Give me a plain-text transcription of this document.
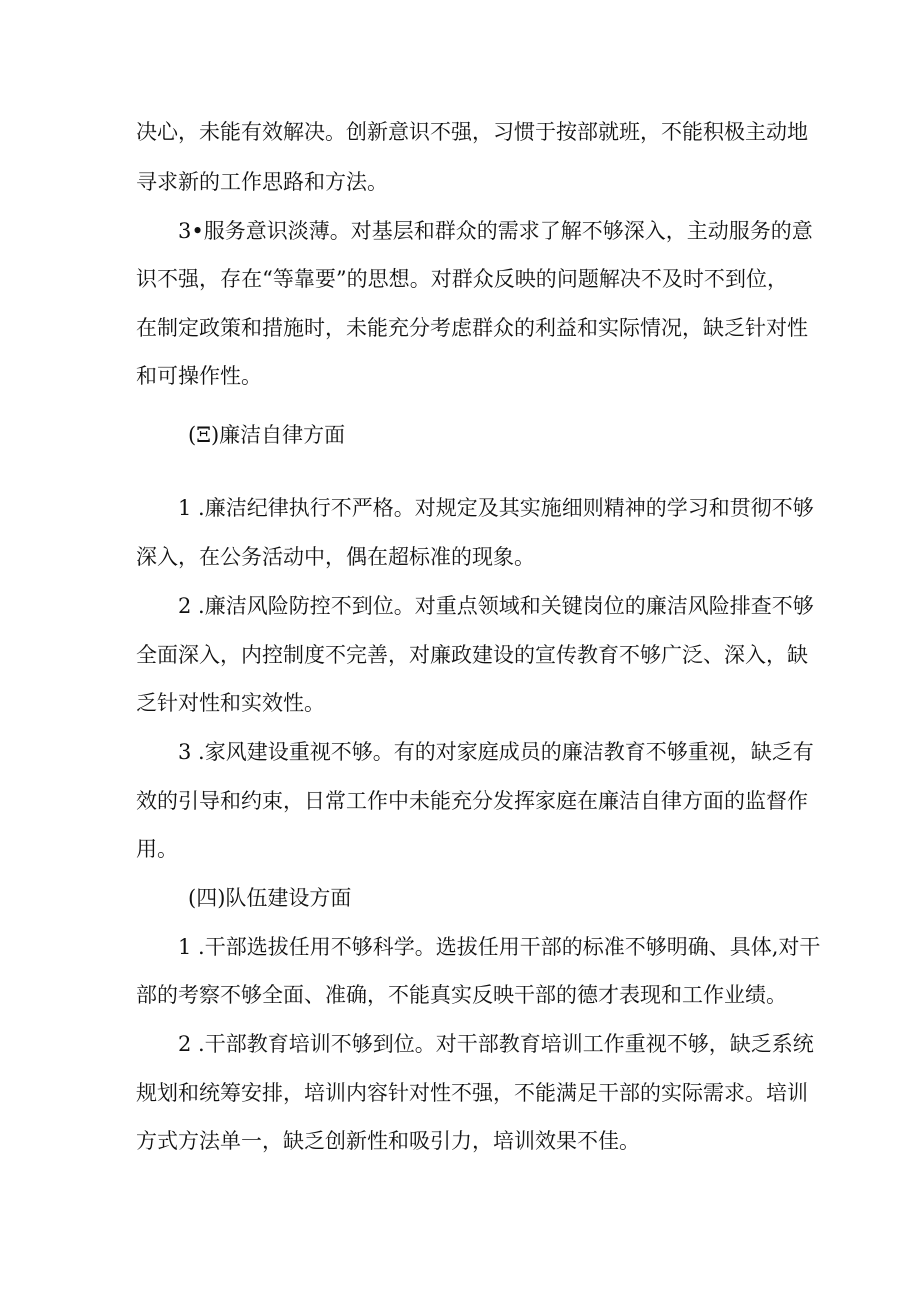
决心，未能有效解决。创新意识不强，习惯于按部就班，不能积极主动地
寻求新的工作思路和方法。
3•服务意识淡薄。对基层和群众的需求了解不够深入，主动服务的意
识不强，存在“等靠要”的思想。对群众反映的问题解决不及时不到位，
在制定政策和措施时，未能充分考虑群众的利益和实际情况，缺乏针对性
和可操作性。
(Ξ)廉洁自律方面
1 .廉洁纪律执行不严格。对规定及其实施细则精神的学习和贯彻不够
深入，在公务活动中，偶在超标准的现象。
2 .廉洁风险防控不到位。对重点领域和关键岗位的廉洁风险排查不够
全面深入，内控制度不完善，对廉政建设的宣传教育不够广泛、深入，缺
乏针对性和实效性。
3 .家风建设重视不够。有的对家庭成员的廉洁教育不够重视，缺乏有
效的引导和约束，日常工作中未能充分发挥家庭在廉洁自律方面的监督作
用。
(四)队伍建设方面
1 .干部选拔任用不够科学。选拔任用干部的标准不够明确、具体,对干
部的考察不够全面、准确，不能真实反映干部的德才表现和工作业绩。
2 .干部教育培训不够到位。对干部教育培训工作重视不够，缺乏系统
规划和统筹安排，培训内容针对性不强，不能满足干部的实际需求。培训
方式方法单一，缺乏创新性和吸引力，培训效果不佳。
